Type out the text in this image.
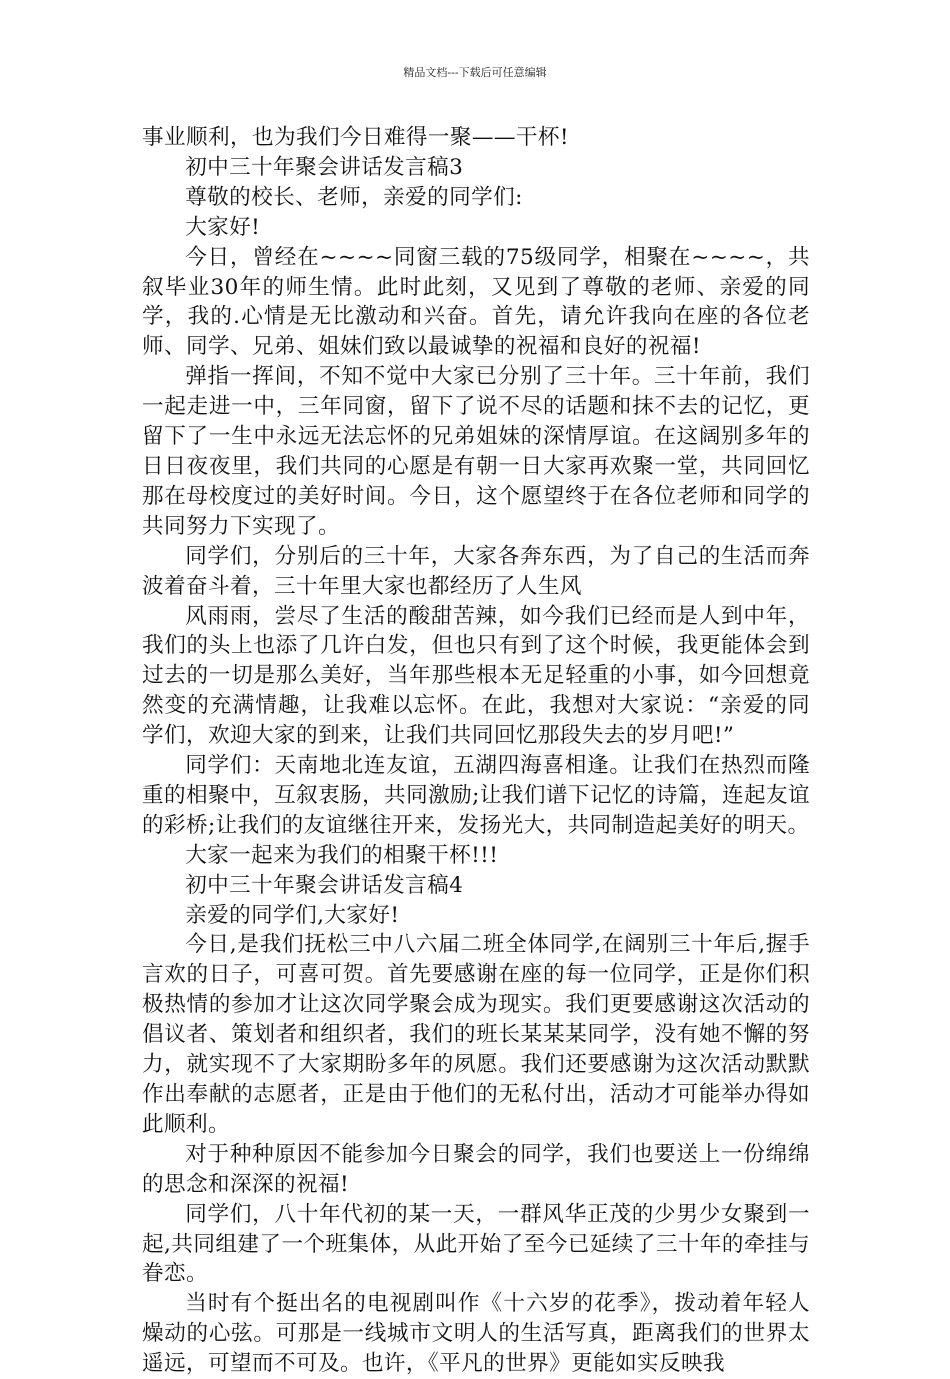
精品文档---下载后可任意编辑

事业顺利，也为我们今日难得一聚——干杯!

初中三十年聚会讲话发言稿3

尊敬的校长、老师，亲爱的同学们:

大家好!

今日，曾经在~~~~同窗三载的75级同学，相聚在~~~~，共叙毕业30年的师生情。此时此刻，又见到了尊敬的老师、亲爱的同学，我的.心情是无比激动和兴奋。首先，请允许我向在座的各位老师、同学、兄弟、姐妹们致以最诚挚的祝福和良好的祝福!

弹指一挥间，不知不觉中大家已分别了三十年。三十年前，我们一起走进一中，三年同窗，留下了说不尽的话题和抹不去的记忆，更留下了一生中永远无法忘怀的兄弟姐妹的深情厚谊。在这阔别多年的日日夜夜里，我们共同的心愿是有朝一日大家再欢聚一堂，共同回忆那在母校度过的美好时间。今日，这个愿望终于在各位老师和同学的共同努力下实现了。

同学们，分别后的三十年，大家各奔东西，为了自己的生活而奔波着奋斗着，三十年里大家也都经历了人生风

风雨雨，尝尽了生活的酸甜苦辣，如今我们已经而是人到中年，我们的头上也添了几许白发，但也只有到了这个时候，我更能体会到过去的一切是那么美好，当年那些根本无足轻重的小事，如今回想竟然变的充满情趣，让我难以忘怀。在此，我想对大家说：“亲爱的同学们，欢迎大家的到来，让我们共同回忆那段失去的岁月吧!”

同学们：天南地北连友谊，五湖四海喜相逢。让我们在热烈而隆重的相聚中，互叙衷肠，共同激励;让我们谱下记忆的诗篇，连起友谊的彩桥;让我们的友谊继往开来，发扬光大，共同制造起美好的明天。

大家一起来为我们的相聚干杯!!!

初中三十年聚会讲话发言稿4

亲爱的同学们,大家好!

今日,是我们抚松三中八六届二班全体同学,在阔别三十年后,握手言欢的日子，可喜可贺。首先要感谢在座的每一位同学，正是你们积极热情的参加才让这次同学聚会成为现实。我们更要感谢这次活动的倡议者、策划者和组织者，我们的班长某某某同学，没有她不懈的努力，就实现不了大家期盼多年的夙愿。我们还要感谢为这次活动默默作出奉献的志愿者，正是由于他们的无私付出，活动才可能举办得如此顺利。

对于种种原因不能参加今日聚会的同学，我们也要送上一份绵绵的思念和深深的祝福!

同学们，八十年代初的某一天，一群风华正茂的少男少女聚到一起,共同组建了一个班集体，从此开始了至今已延续了三十年的牵挂与眷恋。

当时有个挺出名的电视剧叫作《十六岁的花季》，拨动着年轻人燥动的心弦。可那是一线城市文明人的生活写真，距离我们的世界太遥远，可望而不可及。也许，《平凡的世界》更能如实反映我
